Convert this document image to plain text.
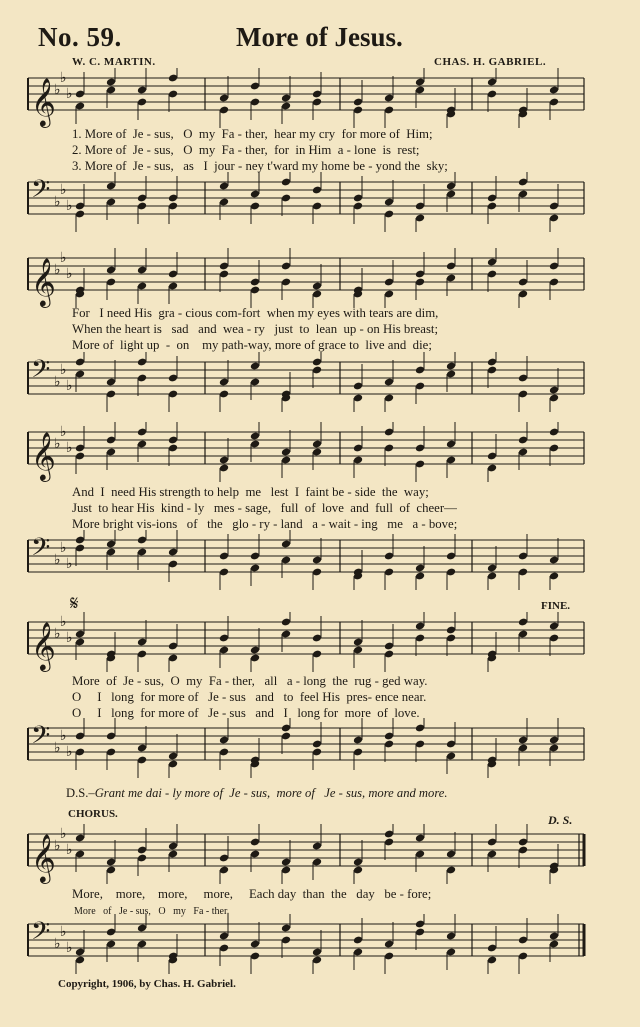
No. 59.	More of Jesus.
W. C. MARTIN.	CHAS. H. GABRIEL.
𝄞
♭
♭
♭
1. More of  Je - sus,   O  my  Fa - ther,  hear my cry  for more of  Him;
2. More of  Je - sus,   O  my  Fa - ther,  for  in Him  a - lone  is  rest;
3. More of  Je - sus,   as   I  jour - ney t'ward my home be - yond the  sky;
𝄢 ♭
♭
♭
𝄞
♭
♭
♭
For   I need His  gra - cious com-fort  when my eyes with tears are dim,
When the heart is   sad   and  wea - ry   just  to  lean  up - on His breast;
More of  light up  -  on    my path-way, more of grace to  live and  die;
𝄢 ♭
♭
♭
𝄞
♭
♭
♭
And  I  need His strength to help  me   lest  I  faint be - side  the  way;
Just  to hear His  kind - ly   mes - sage,   full  of  love  and  full  of  cheer—
More bright vis-ions   of   the   glo - ry - land   a - wait - ing   me   a - bove;
𝄢 ♭
♭
♭
𝄞
♭
♭
♭
𝄋	FINE.
More  of  Je - sus,  O  my  Fa - ther,   all   a - long  the  rug - ged way.
O     I   long  for more of   Je - sus   and   to  feel His  pres- ence near.
O     I   long  for more of   Je - sus   and   I   long for  more  of  love.
𝄢 ♭
♭
♭
D.S.–Grant me dai - ly more of  Je - sus,  more of   Je - sus, more and more.
CHORUS.	D. S.
𝄞
♭
♭
♭
More,    more,    more,     more,     Each day  than  the   day   be - fore;
More   of   Je - sus,   O   my   Fa - ther.
𝄢 ♭
♭
♭
Copyright, 1906, by Chas. H. Gabriel.
